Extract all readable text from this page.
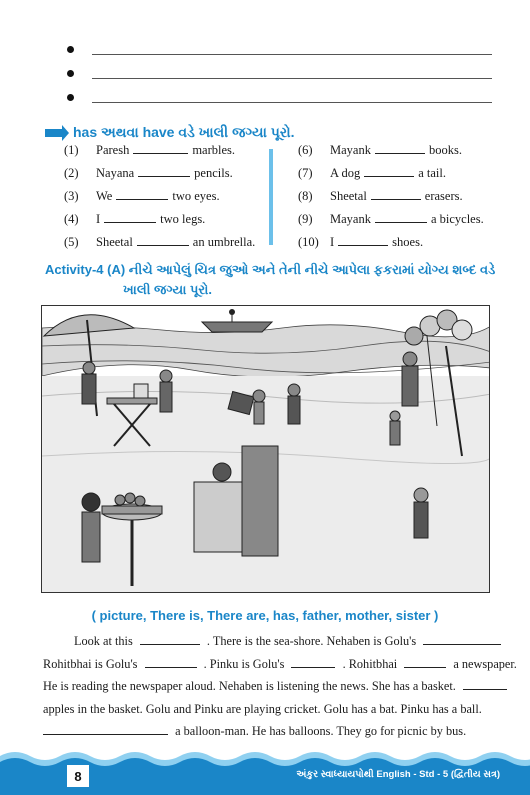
has અથવા have વડે ખાલી જગ્યા પૂરો.
(1)	Paresh	marbles.
(2)	Nayana	pencils.
(3)	We	two eyes.
(4)	I	two legs.
(5)	Sheetal	an umbrella.
(6)	Mayank	books.
(7)	A dog	a tail.
(8)	Sheetal	erasers.
(9)	Mayank	a bicycles.
(10) I	shoes.
Activity-4 (A) નીચે આપેલું ચિત્ર જુઓ અને તેની નીચે આપેલા ફકરામાં યોગ્ય શબ્દ વડે
ખાલી જગ્યા પૂરો.
( picture, There is, There are, has, father, mother, sister )
Look at this	. There is the sea-shore. Nehaben is Golu's
Rohitbhai is Golu's	. Pinku is Golu's	. Rohitbhai	a newspaper.
He is reading the newspaper aloud. Nehaben is listening the news. She has a basket.
apples in the basket. Golu and Pinku are playing cricket. Golu has a bat. Pinku has a ball.
a balloon-man. He has balloons. They go for picnic by bus.
8	અંકુર સ્વાધ્યાયપોથી English - Std - 5 (દ્વિતીય સત્ર)
